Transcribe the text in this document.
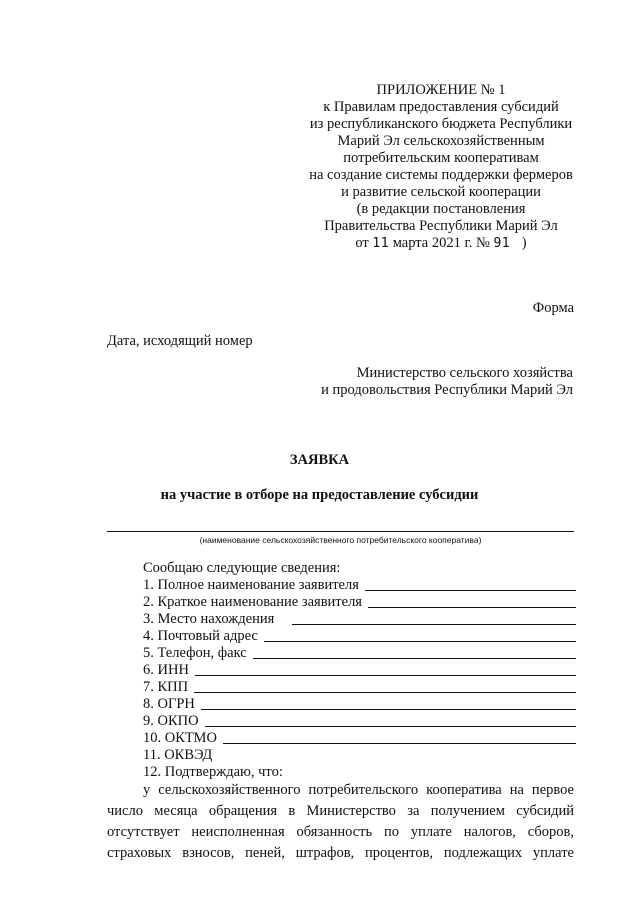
ПРИЛОЖЕНИЕ № 1
к Правилам предоставления субсидий
из республиканского бюджета Республики
Марий Эл сельскохозяйственным
потребительским кооперативам
на создание системы поддержки фермеров
и развитие сельской кооперации
(в редакции постановления
Правительства Республики Марий Эл
от 11 марта 2021 г. № 91 )
Форма
Дата, исходящий номер
Министерство сельского хозяйства
и продовольствия Республики Марий Эл
ЗАЯВКА
на участие в отборе на предоставление субсидии
(наименование сельскохозяйственного потребительского кооператива)
Сообщаю следующие сведения:
1. Полное наименование заявителя
2. Краткое наименование заявителя
3. Место нахождения
4. Почтовый адрес
5. Телефон, факс
6. ИНН
7. КПП
8. ОГРН
9. ОКПО
10. ОКТМО
11. ОКВЭД
12. Подтверждаю, что:
у сельскохозяйственного потребительского кооператива на первое
число месяца обращения в Министерство за получением субсидий
отсутствует неисполненная обязанность по уплате налогов, сборов,
страховых взносов, пеней, штрафов, процентов, подлежащих уплате
